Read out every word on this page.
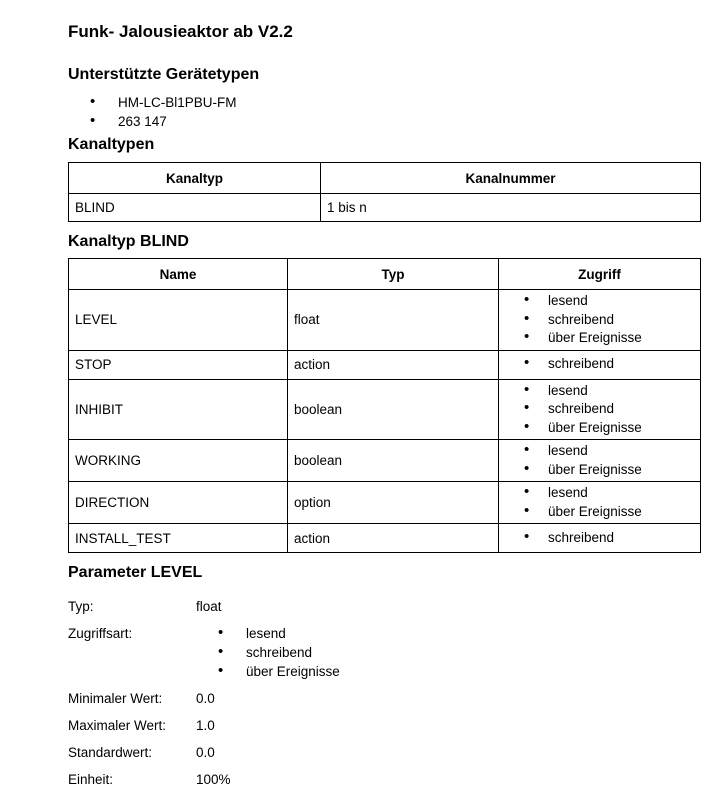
Funk- Jalousieaktor ab V2.2
Unterstützte Gerätetypen
• HM-LC-Bl1PBU-FM
• 263 147
Kanaltypen
Kanaltyp	Kanalnummer
BLIND	1 bis n
Kanaltyp BLIND
Name	Typ	Zugriff
LEVEL	float	
• lesend
• schreibend
• über Ereignisse

STOP	action	
•schreibend

INHIBIT	boolean	
• lesend
• schreibend
• über Ereignisse

WORKING	boolean	
• lesend
• über Ereignisse

DIRECTION	option	
• lesend
• über Ereignisse

INSTALL_TEST	action	
•schreibend
Parameter LEVEL
Typ:	float
Zugriffsart:	• lesend
• schreibend
• über Ereignisse
Minimaler Wert:	0.0
Maximaler Wert:	1.0
Standardwert:	0.0
Einheit:	100%
